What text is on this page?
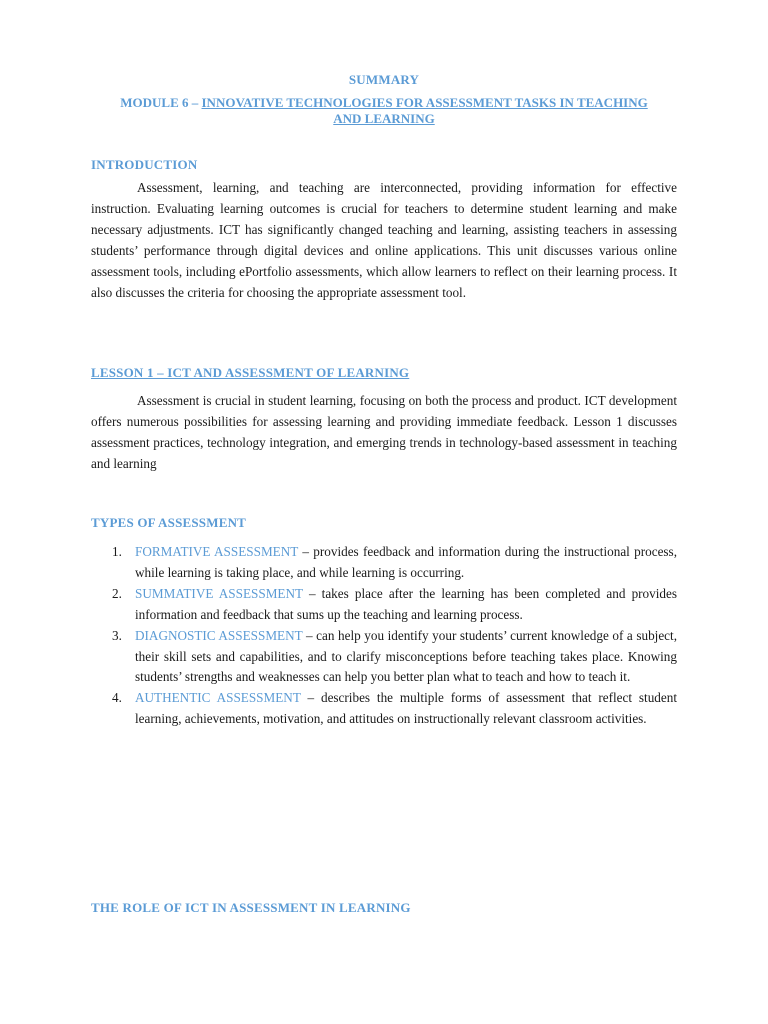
SUMMARY
MODULE 6 – INNOVATIVE TECHNOLOGIES FOR ASSESSMENT TASKS IN TEACHING AND LEARNING
INTRODUCTION
Assessment, learning, and teaching are interconnected, providing information for effective instruction. Evaluating learning outcomes is crucial for teachers to determine student learning and make necessary adjustments. ICT has significantly changed teaching and learning, assisting teachers in assessing students’ performance through digital devices and online applications. This unit discusses various online assessment tools, including ePortfolio assessments, which allow learners to reflect on their learning process. It also discusses the criteria for choosing the appropriate assessment tool.
LESSON 1 – ICT AND ASSESSMENT OF LEARNING
Assessment is crucial in student learning, focusing on both the process and product. ICT development offers numerous possibilities for assessing learning and providing immediate feedback. Lesson 1 discusses assessment practices, technology integration, and emerging trends in technology-based assessment in teaching and learning
TYPES OF ASSESSMENT
1. FORMATIVE ASSESSMENT – provides feedback and information during the instructional process, while learning is taking place, and while learning is occurring.
2. SUMMATIVE ASSESSMENT – takes place after the learning has been completed and provides information and feedback that sums up the teaching and learning process.
3. DIAGNOSTIC ASSESSMENT – can help you identify your students’ current knowledge of a subject, their skill sets and capabilities, and to clarify misconceptions before teaching takes place. Knowing students’ strengths and weaknesses can help you better plan what to teach and how to teach it.
4. AUTHENTIC ASSESSMENT – describes the multiple forms of assessment that reflect student learning, achievements, motivation, and attitudes on instructionally relevant classroom activities.
THE ROLE OF ICT IN ASSESSMENT IN LEARNING
